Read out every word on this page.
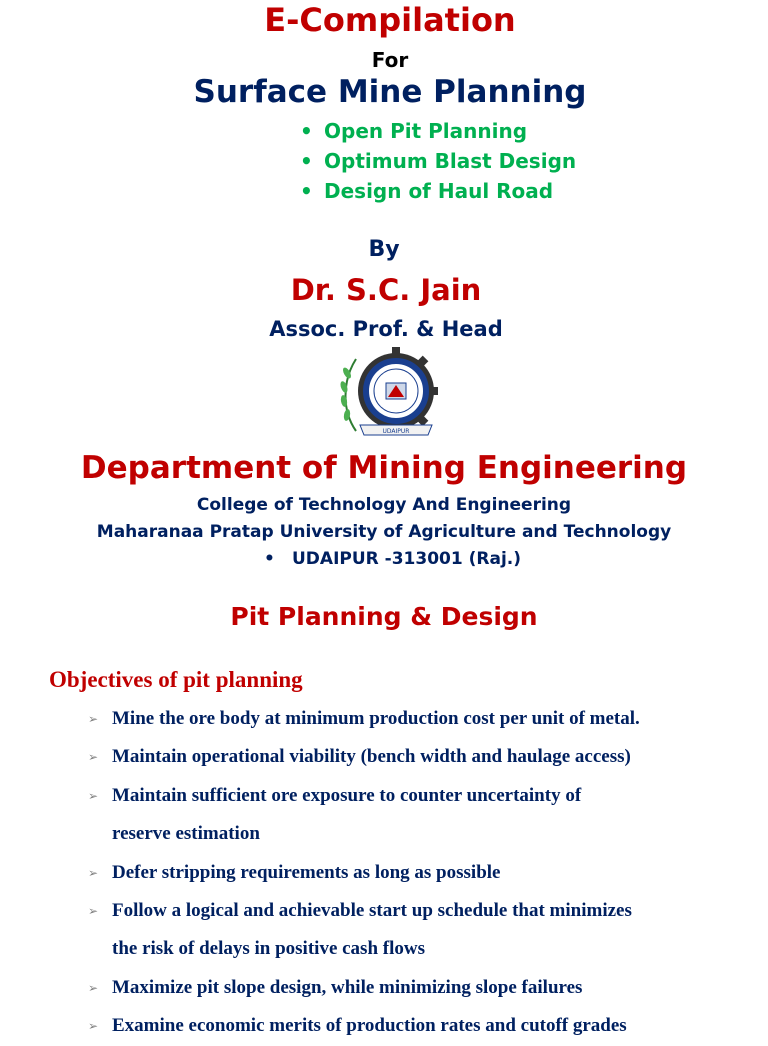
E-Compilation
For
Surface Mine Planning
• Open Pit Planning
• Optimum Blast Design
• Design of Haul Road
By
Dr. S.C. Jain
Assoc. Prof. & Head
UDAIPUR
Department of Mining Engineering
College of Technology And Engineering
Maharanaa Pratap University of Agriculture and Technology
• UDAIPUR -313001 (Raj.)
Pit Planning & Design
Objectives of pit planning
➢ Mine the ore body at minimum production cost per unit of metal.
➢ Maintain operational viability (bench width and haulage access)
➢ Maintain sufficient ore exposure to counter uncertainty of
reserve estimation
➢ Defer stripping requirements as long as possible
➢ Follow a logical and achievable start up schedule that minimizes
the risk of delays in positive cash flows
➢ Maximize pit slope design, while minimizing slope failures
➢ Examine economic merits of production rates and cutoff grades
